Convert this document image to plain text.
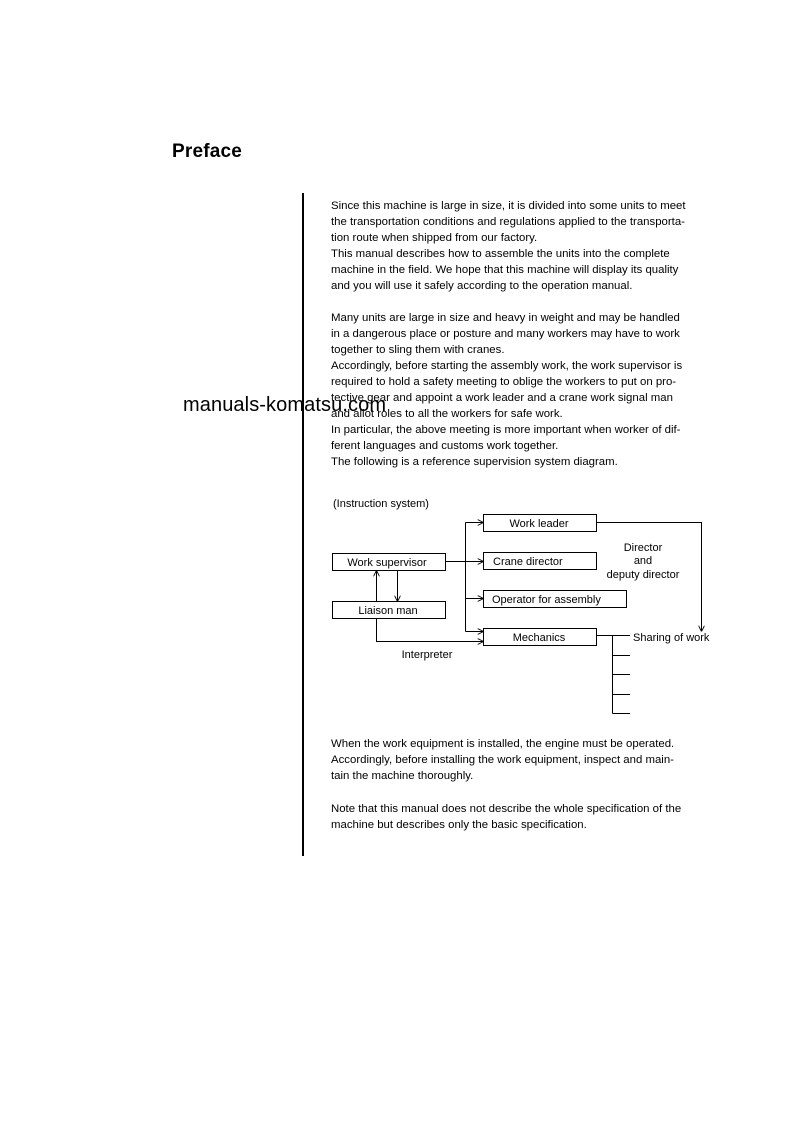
Preface
Since this machine is large in size, it is divided into some units to meet
the transportation conditions and regulations applied to the transporta-
tion route when shipped from our factory.
This manual describes how to assemble the units into the complete
machine in the field. We hope that this machine will display its quality
and you will use it safely according to the operation manual.
Many units are large in size and heavy in weight and may be handled
in a dangerous place or posture and many workers may have to work
together to sling them with cranes.
Accordingly, before starting the assembly work, the work supervisor is
required to hold a safety meeting to oblige the workers to put on pro-
tective gear and appoint a work leader and a crane work signal man
and allot roles to all the workers for safe work.
In particular, the above meeting is more important when worker of dif-
ferent languages and customs work together.
The following is a reference supervision system diagram.
(Instruction system)
Work supervisor
Liaison man
Work leader
Crane director
Operator for assembly
Mechanics
Director
and
deputy director
Interpreter
Sharing of work
When the work equipment is installed, the engine must be operated.
Accordingly, before installing the work equipment, inspect and main-
tain the machine thoroughly.
Note that this manual does not describe the whole specification of the
machine but describes only the basic specification.
manuals-komatsu.com
